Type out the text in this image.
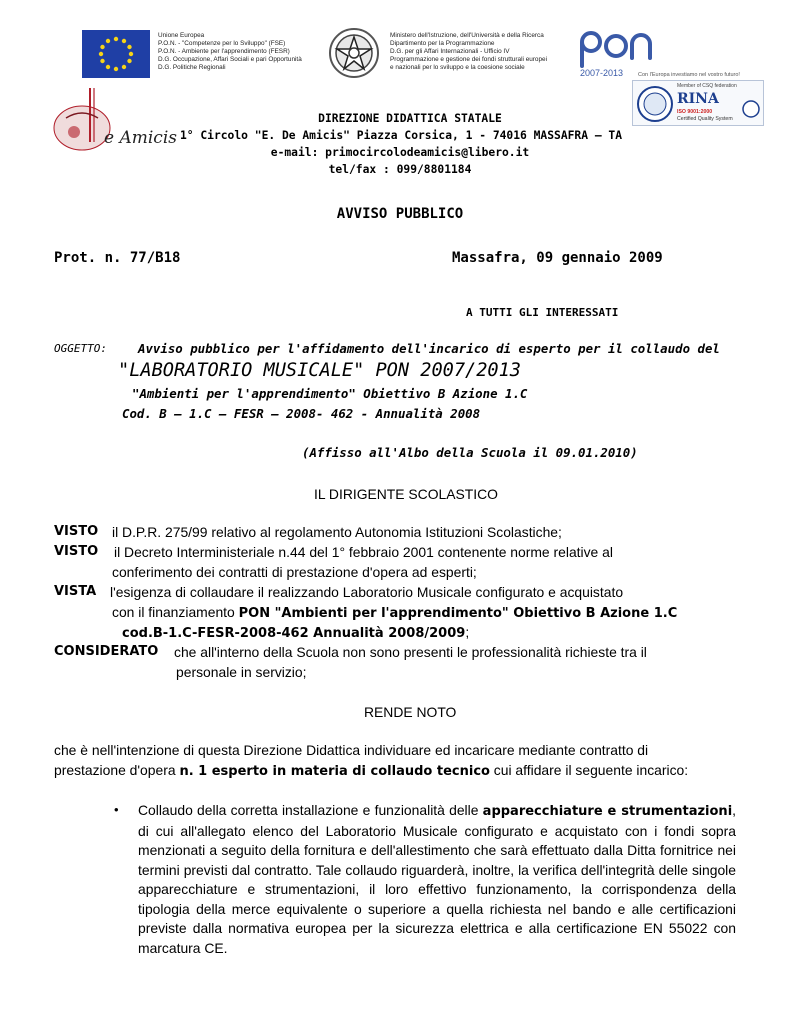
Unione Europea
P.O.N. - "Competenze per lo Sviluppo" (FSE)
P.O.N. - Ambiente per l'apprendimento (FESR)
D.G. Occupazione, Affari Sociali e pari Opportunità
D.G. Politiche Regionali
Ministero dell'Istruzione, dell'Università e della Ricerca
Dipartimento per la Programmazione
D.G. per gli Affari Internazionali - Ufficio IV
Programmazione e gestione dei fondi strutturali europei
e nazionali per lo sviluppo e la coesione sociale
2007-2013	Con l'Europa investiamo nel vostro futuro!
Member of CSQ federation
RINA
ISO 9001:2000
Certified Quality System
e Amicis
DIREZIONE DIDATTICA STATALE
1° Circolo "E. De Amicis" Piazza Corsica, 1 - 74016 MASSAFRA – TA
e-mail: primocircolodeamicis@libero.it
tel/fax : 099/8801184
AVVISO PUBBLICO
Prot. n. 77/B18	Massafra, 09 gennaio 2009
A TUTTI GLI INTERESSATI
OGGETTO:	Avviso pubblico per l'affidamento dell'incarico di esperto per il collaudo del
"LABORATORIO MUSICALE" PON 2007/2013
"Ambienti per l'apprendimento" Obiettivo B Azione 1.C
Cod. B – 1.C – FESR – 2008- 462 - Annualità 2008
(Affisso all'Albo della Scuola il 09.01.2010)
IL DIRIGENTE SCOLASTICO
VISTO il D.P.R. 275/99 relativo al regolamento Autonomia Istituzioni Scolastiche;
VISTO il Decreto Interministeriale n.44 del 1° febbraio 2001 contenente norme relative al
conferimento dei contratti di prestazione d'opera ad esperti;
VISTA l'esigenza di collaudare il realizzando Laboratorio Musicale configurato e acquistato
con il finanziamento PON "Ambienti per l'apprendimento" Obiettivo B Azione 1.C
cod.B-1.C-FESR-2008-462 Annualità 2008/2009;
CONSIDERATO che all'interno della Scuola non sono presenti le professionalità richieste tra il
personale in servizio;
RENDE NOTO
che è nell'intenzione di questa Direzione Didattica individuare ed incaricare mediante contratto di
prestazione d'opera n. 1 esperto in materia di collaudo tecnico cui affidare il seguente incarico:
• Collaudo della corretta installazione e funzionalità delle apparecchiature e strumentazioni, di cui all'allegato elenco del Laboratorio Musicale configurato e acquistato con i fondi sopra menzionati a seguito della fornitura e dell'allestimento che sarà effettuato dalla Ditta fornitrice nei termini previsti dal contratto. Tale collaudo riguarderà, inoltre, la verifica dell'integrità delle singole apparecchiature e strumentazioni, il loro effettivo funzionamento, la corrispondenza della tipologia della merce equivalente o superiore a quella richiesta nel bando e alle certificazioni previste dalla normativa europea per la sicurezza elettrica e alla certificazione EN 55022 con marcatura CE.
